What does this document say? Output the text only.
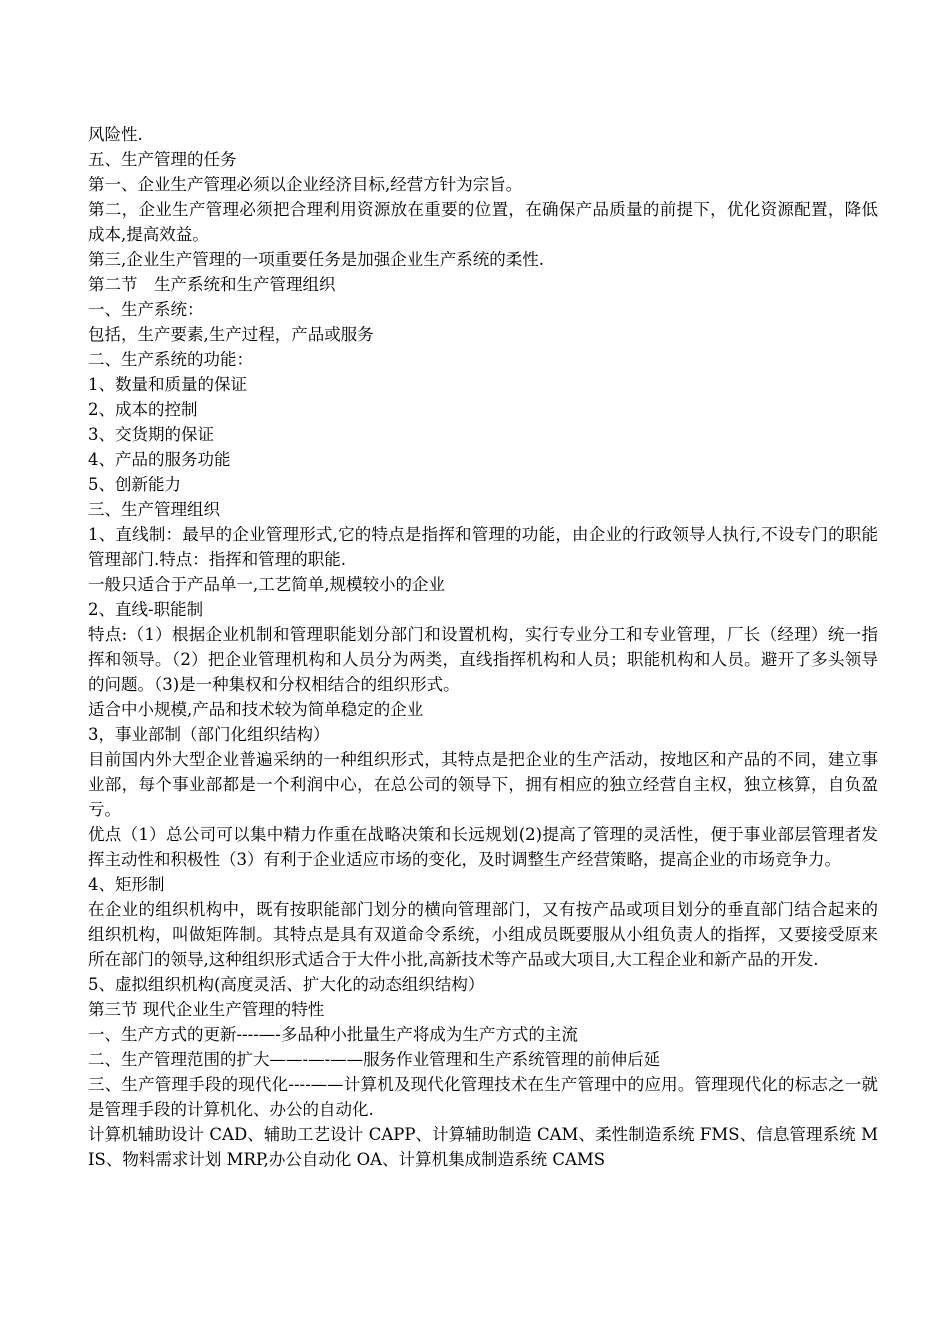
风险性.

五、生产管理的任务

第一、企业生产管理必须以企业经济目标,经营方针为宗旨。

第二，企业生产管理必须把合理利用资源放在重要的位置，在确保产品质量的前提下，优化资源配置，降低成本,提高效益。

第三,企业生产管理的一项重要任务是加强企业生产系统的柔性.

第二节　生产系统和生产管理组织

一、生产系统：

包括，生产要素,生产过程，产品或服务

二、生产系统的功能：

1、数量和质量的保证

2、成本的控制

3、交货期的保证

4、产品的服务功能

5、创新能力

三、生产管理组织

1、直线制：最早的企业管理形式,它的特点是指挥和管理的功能，由企业的行政领导人执行,不设专门的职能管理部门.特点：指挥和管理的职能.

一般只适合于产品单一,工艺简单,规模较小的企业

2、直线-职能制

特点:（1）根据企业机制和管理职能划分部门和设置机构，实行专业分工和专业管理，厂长（经理）统一指挥和领导。（2）把企业管理机构和人员分为两类，直线指挥机构和人员；职能机构和人员。避开了多头领导的问题。（3)是一种集权和分权相结合的组织形式。

适合中小规模,产品和技术较为简单稳定的企业

3，事业部制（部门化组织结构）

目前国内外大型企业普遍采纳的一种组织形式，其特点是把企业的生产活动，按地区和产品的不同，建立事业部，每个事业部都是一个利润中心，在总公司的领导下，拥有相应的独立经营自主权，独立核算，自负盈亏。

优点（1）总公司可以集中精力作重在战略决策和长远规划(2)提高了管理的灵活性，便于事业部层管理者发挥主动性和积极性（3）有利于企业适应市场的变化，及时调整生产经营策略，提高企业的市场竞争力。

4、矩形制

在企业的组织机构中，既有按职能部门划分的横向管理部门，又有按产品或项目划分的垂直部门结合起来的组织机构，叫做矩阵制。其特点是具有双道命令系统，小组成员既要服从小组负责人的指挥，又要接受原来所在部门的领导,这种组织形式适合于大件小批,高新技术等产品或大项目,大工程企业和新产品的开发.

5、虚拟组织机构(高度灵活、扩大化的动态组织结构）

第三节 现代企业生产管理的特性

一、生产方式的更新----—-多品种小批量生产将成为生产方式的主流

二、生产管理范围的扩大——-—-——服务作业管理和生产系统管理的前伸后延

三、生产管理手段的现代化----——计算机及现代化管理技术在生产管理中的应用。管理现代化的标志之一就是管理手段的计算机化、办公的自动化.

计算机辅助设计 CAD、辅助工艺设计 CAPP、计算辅助制造 CAM、柔性制造系统 FMS、信息管理系统 MIS、物料需求计划 MRP,办公自动化 OA、计算机集成制造系统 CAMS
